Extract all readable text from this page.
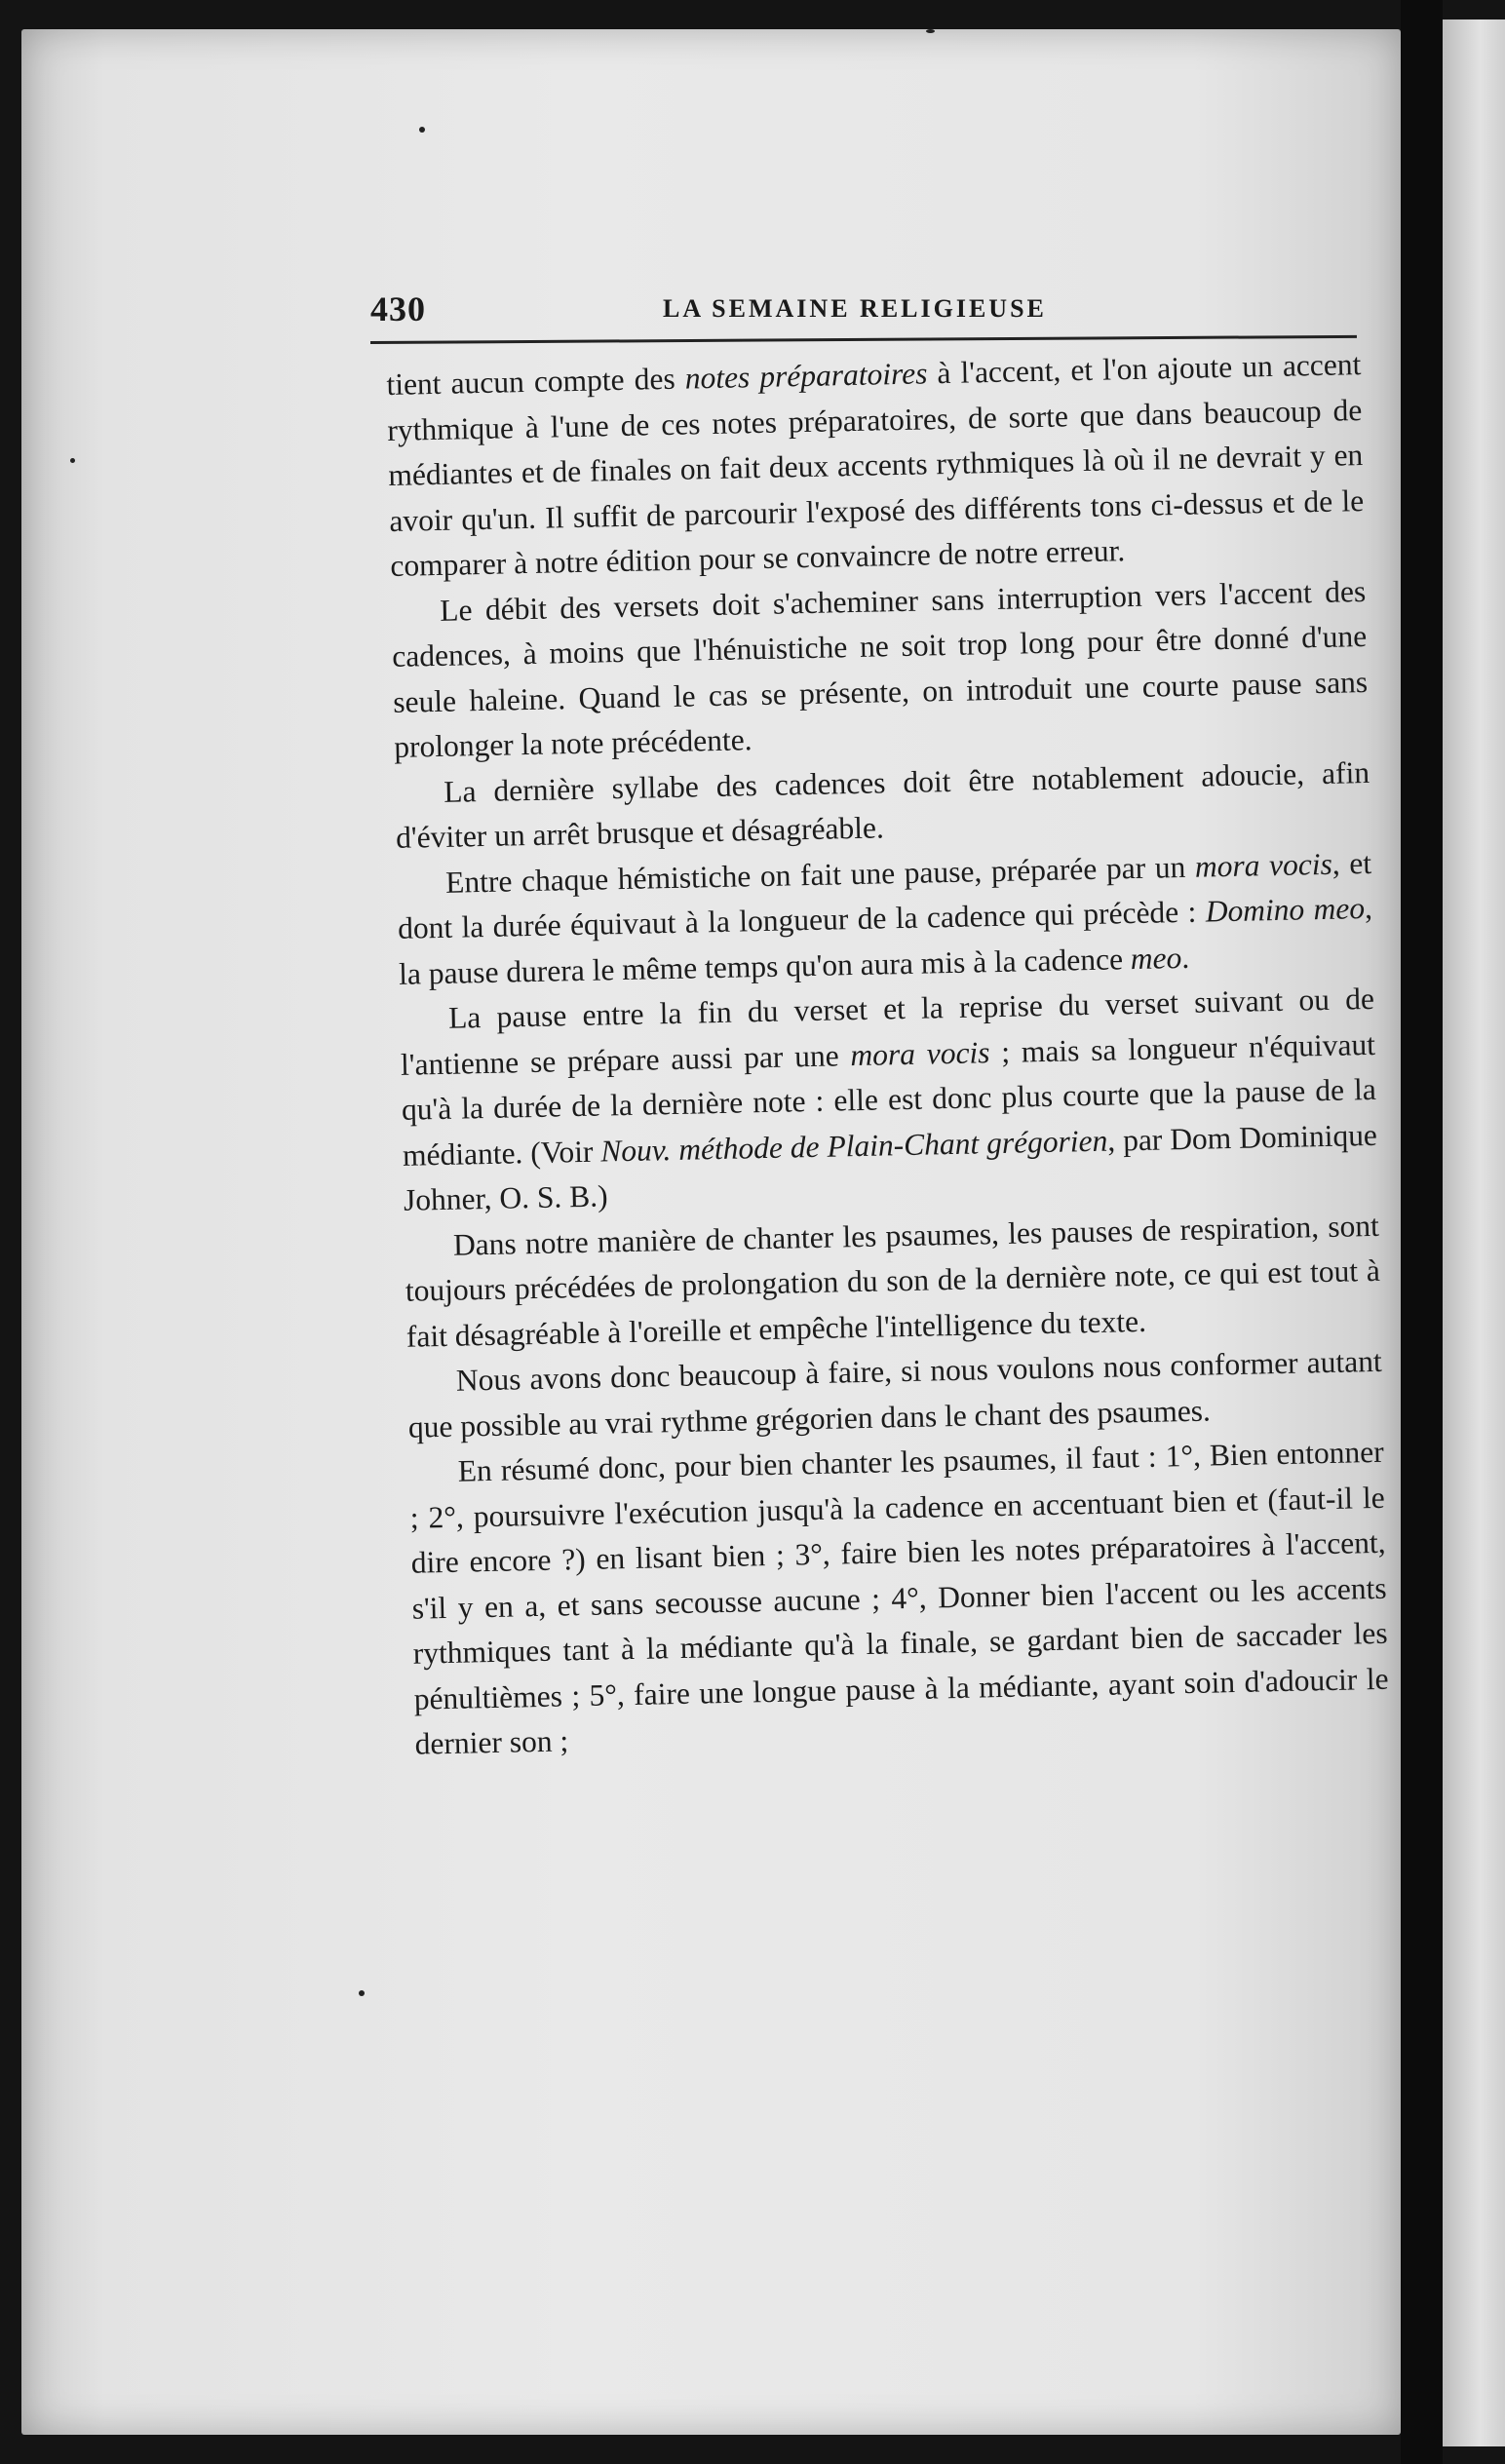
430	LA SEMAINE RELIGIEUSE

tient aucun compte des notes préparatoires à l'accent, et l'on ajoute un accent rythmique à l'une de ces notes préparatoires, de sorte que dans beaucoup de médiantes et de finales on fait deux accents rythmiques là où il ne devrait y en avoir qu'un. Il suffit de parcourir l'exposé des différents tons ci-dessus et de le comparer à notre édition pour se convaincre de notre erreur.

Le débit des versets doit s'acheminer sans interruption vers l'accent des cadences, à moins que l'hénuistiche ne soit trop long pour être donné d'une seule haleine. Quand le cas se présente, on introduit une courte pause sans prolonger la note précédente.

La dernière syllabe des cadences doit être notablement adoucie, afin d'éviter un arrêt brusque et désagréable.

Entre chaque hémistiche on fait une pause, préparée par un mora vocis, et dont la durée équivaut à la longueur de la cadence qui précède : Domino meo, la pause durera le même temps qu'on aura mis à la cadence meo.

La pause entre la fin du verset et la reprise du verset suivant ou de l'antienne se prépare aussi par une mora vocis ; mais sa longueur n'équivaut qu'à la durée de la dernière note : elle est donc plus courte que la pause de la médiante. (Voir Nouv. méthode de Plain-Chant grégorien, par Dom Dominique Johner, O. S. B.)

Dans notre manière de chanter les psaumes, les pauses de respiration, sont toujours précédées de prolongation du son de la dernière note, ce qui est tout à fait désagréable à l'oreille et empêche l'intelligence du texte.

Nous avons donc beaucoup à faire, si nous voulons nous conformer autant que possible au vrai rythme grégorien dans le chant des psaumes.

En résumé donc, pour bien chanter les psaumes, il faut : 1°, Bien entonner ; 2°, poursuivre l'exécution jusqu'à la cadence en accentuant bien et (faut-il le dire encore ?) en lisant bien ; 3°, faire bien les notes préparatoires à l'accent, s'il y en a, et sans secousse aucune ; 4°, Donner bien l'accent ou les accents rythmiques tant à la médiante qu'à la finale, se gardant bien de saccader les pénultièmes ; 5°, faire une longue pause à la médiante, ayant soin d'adoucir le dernier son ;
